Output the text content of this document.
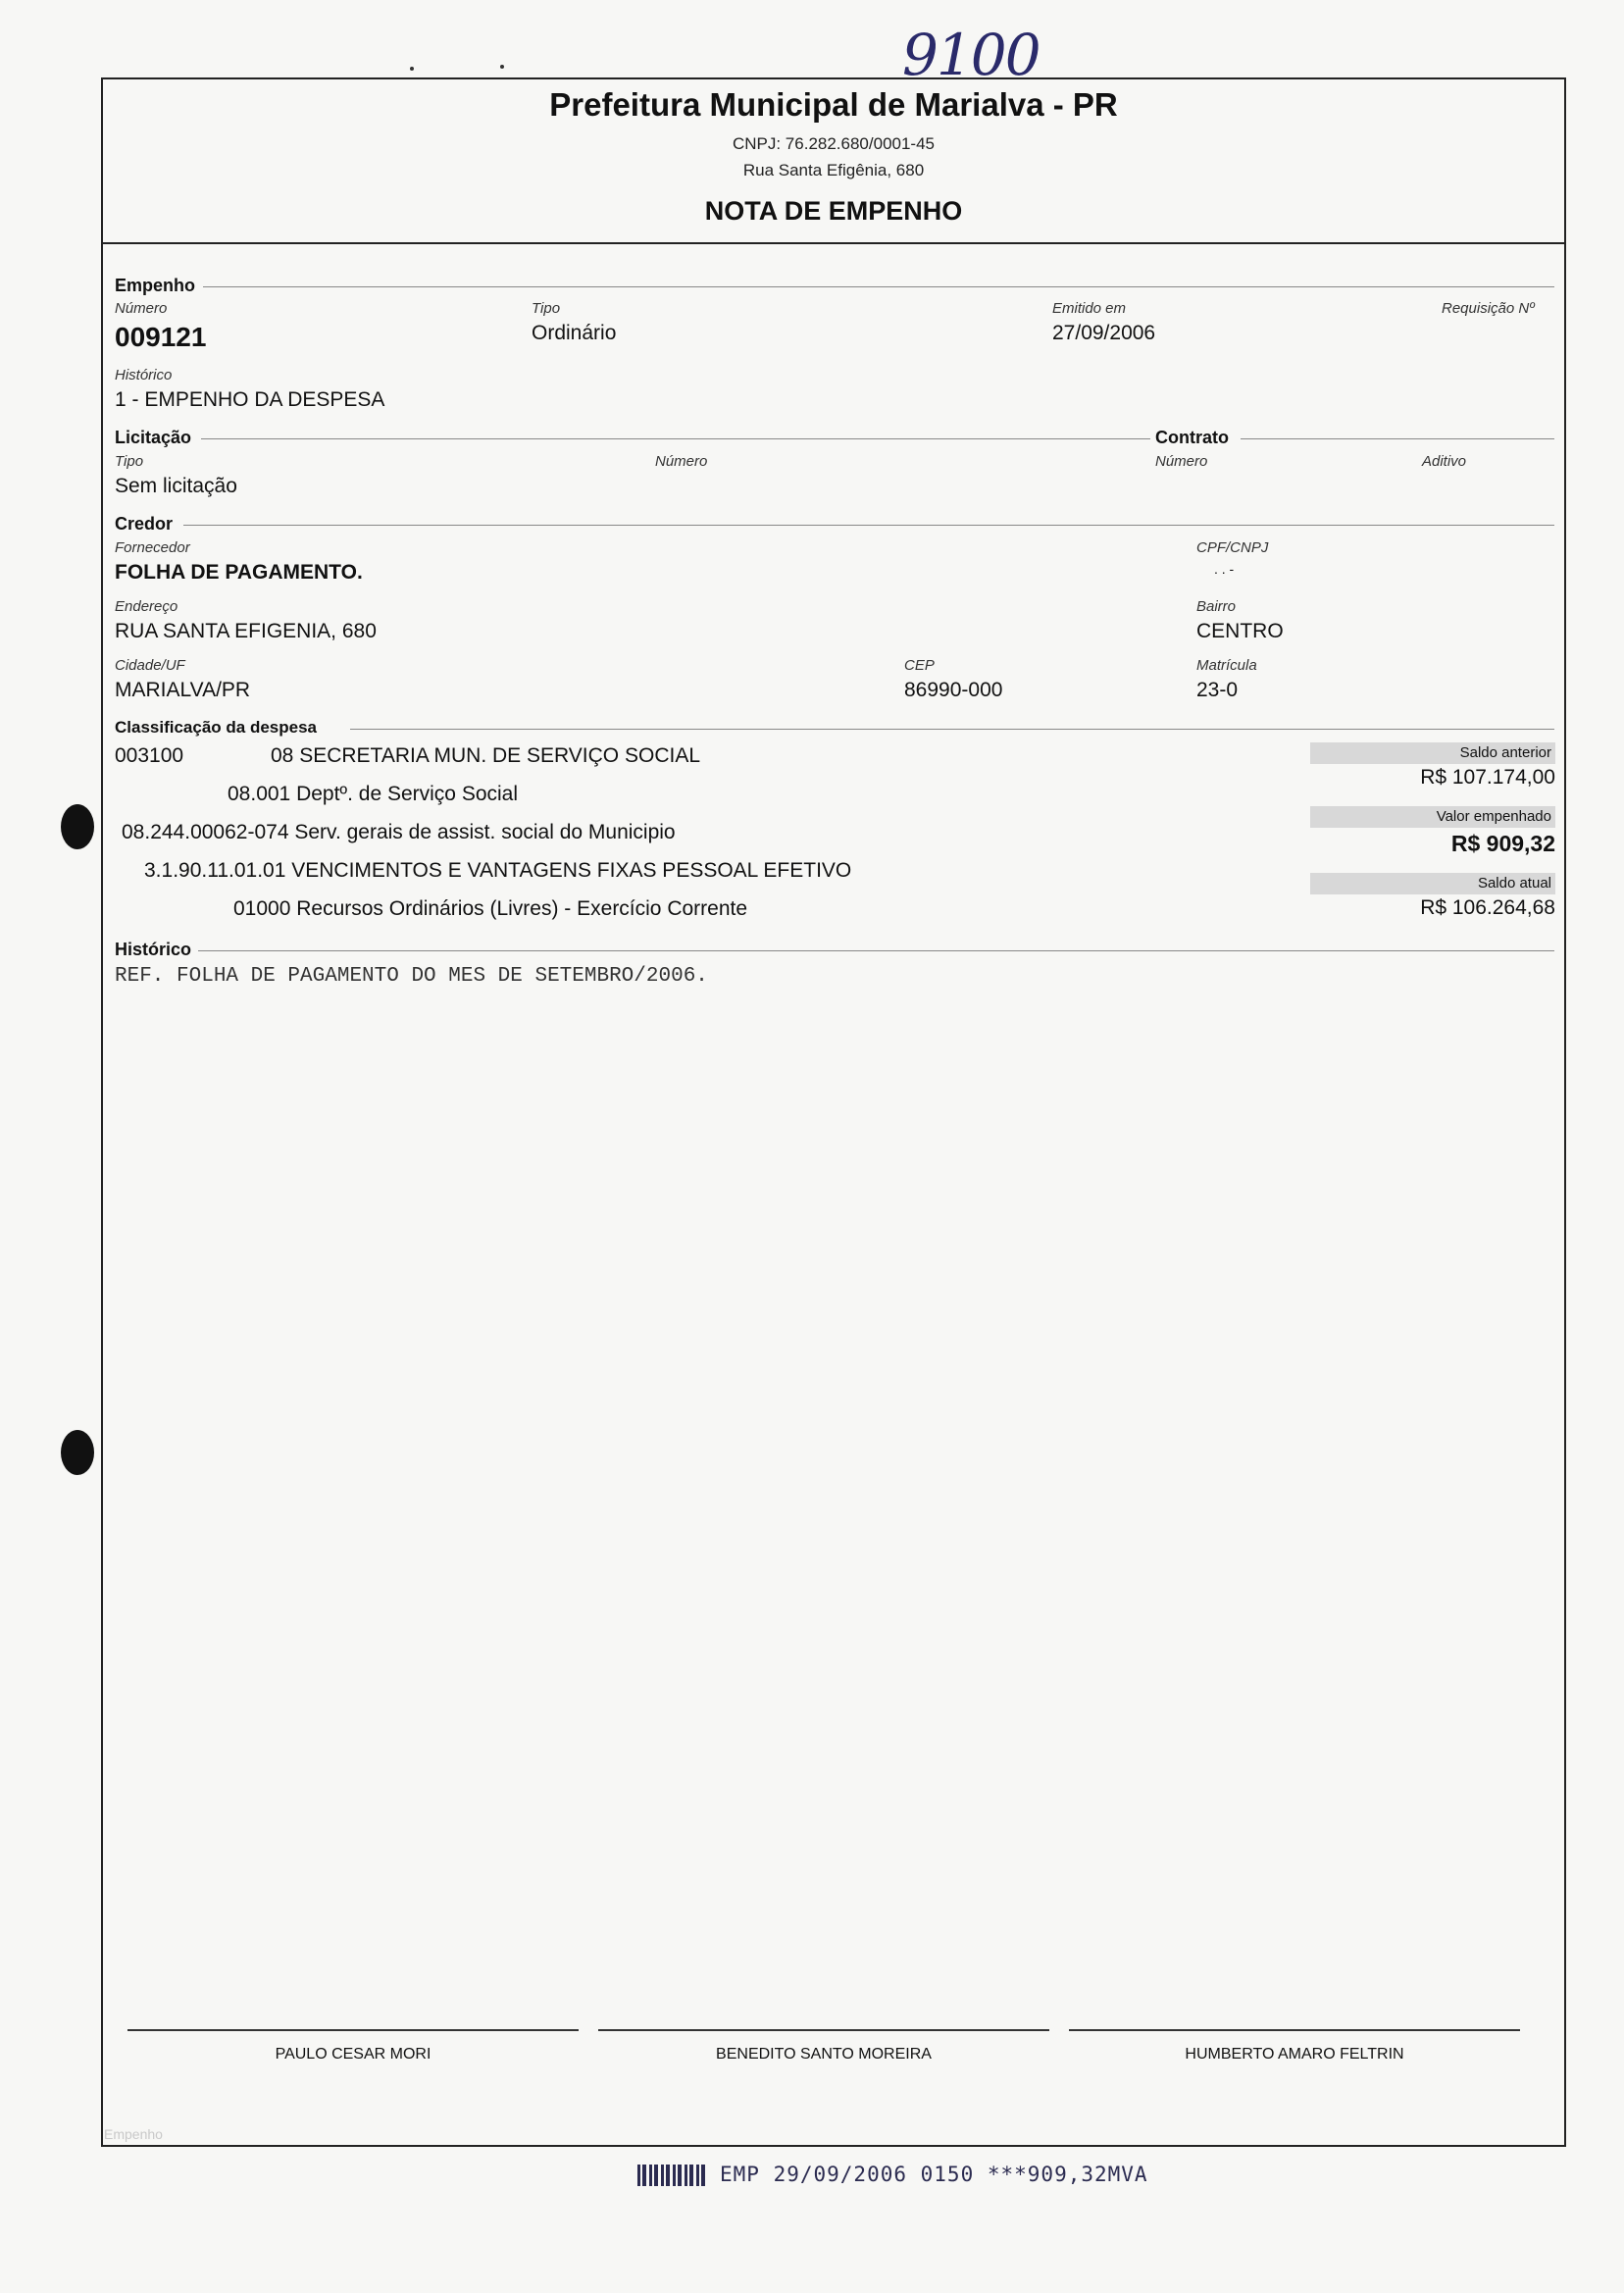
9100
Prefeitura Municipal de Marialva - PR
CNPJ: 76.282.680/0001-45
Rua Santa Efigênia, 680
NOTA DE EMPENHO
Empenho
Número
009121
Tipo
Ordinário
Emitido em
27/09/2006
Requisição Nº
Histórico
1 - EMPENHO DA DESPESA
Licitação	Contrato
Tipo
Sem licitação
Número	Número	Aditivo
Credor
Fornecedor
FOLHA DE PAGAMENTO.
CPF/CNPJ
. . -
Endereço
RUA SANTA EFIGENIA, 680
Bairro
CENTRO
Cidade/UF
MARIALVA/PR
CEP
86990-000
Matrícula
23-0
Classificação da despesa
003100	08 SECRETARIA MUN. DE SERVIÇO SOCIAL
08.001 Deptº. de Serviço Social
08.244.00062-074 Serv. gerais de assist. social do Municipio
3.1.90.11.01.01 VENCIMENTOS E VANTAGENS FIXAS PESSOAL EFETIVO
01000 Recursos Ordinários (Livres) - Exercício Corrente
Saldo anterior
R$ 107.174,00
Valor empenhado
R$ 909,32
Saldo atual
R$ 106.264,68
Histórico
REF. FOLHA DE PAGAMENTO DO MES DE SETEMBRO/2006.
PAULO CESAR MORI	BENEDITO SANTO MOREIRA	HUMBERTO AMARO FELTRIN
Empenho
EMP 29/09/2006 0150 ***909,32MVA
